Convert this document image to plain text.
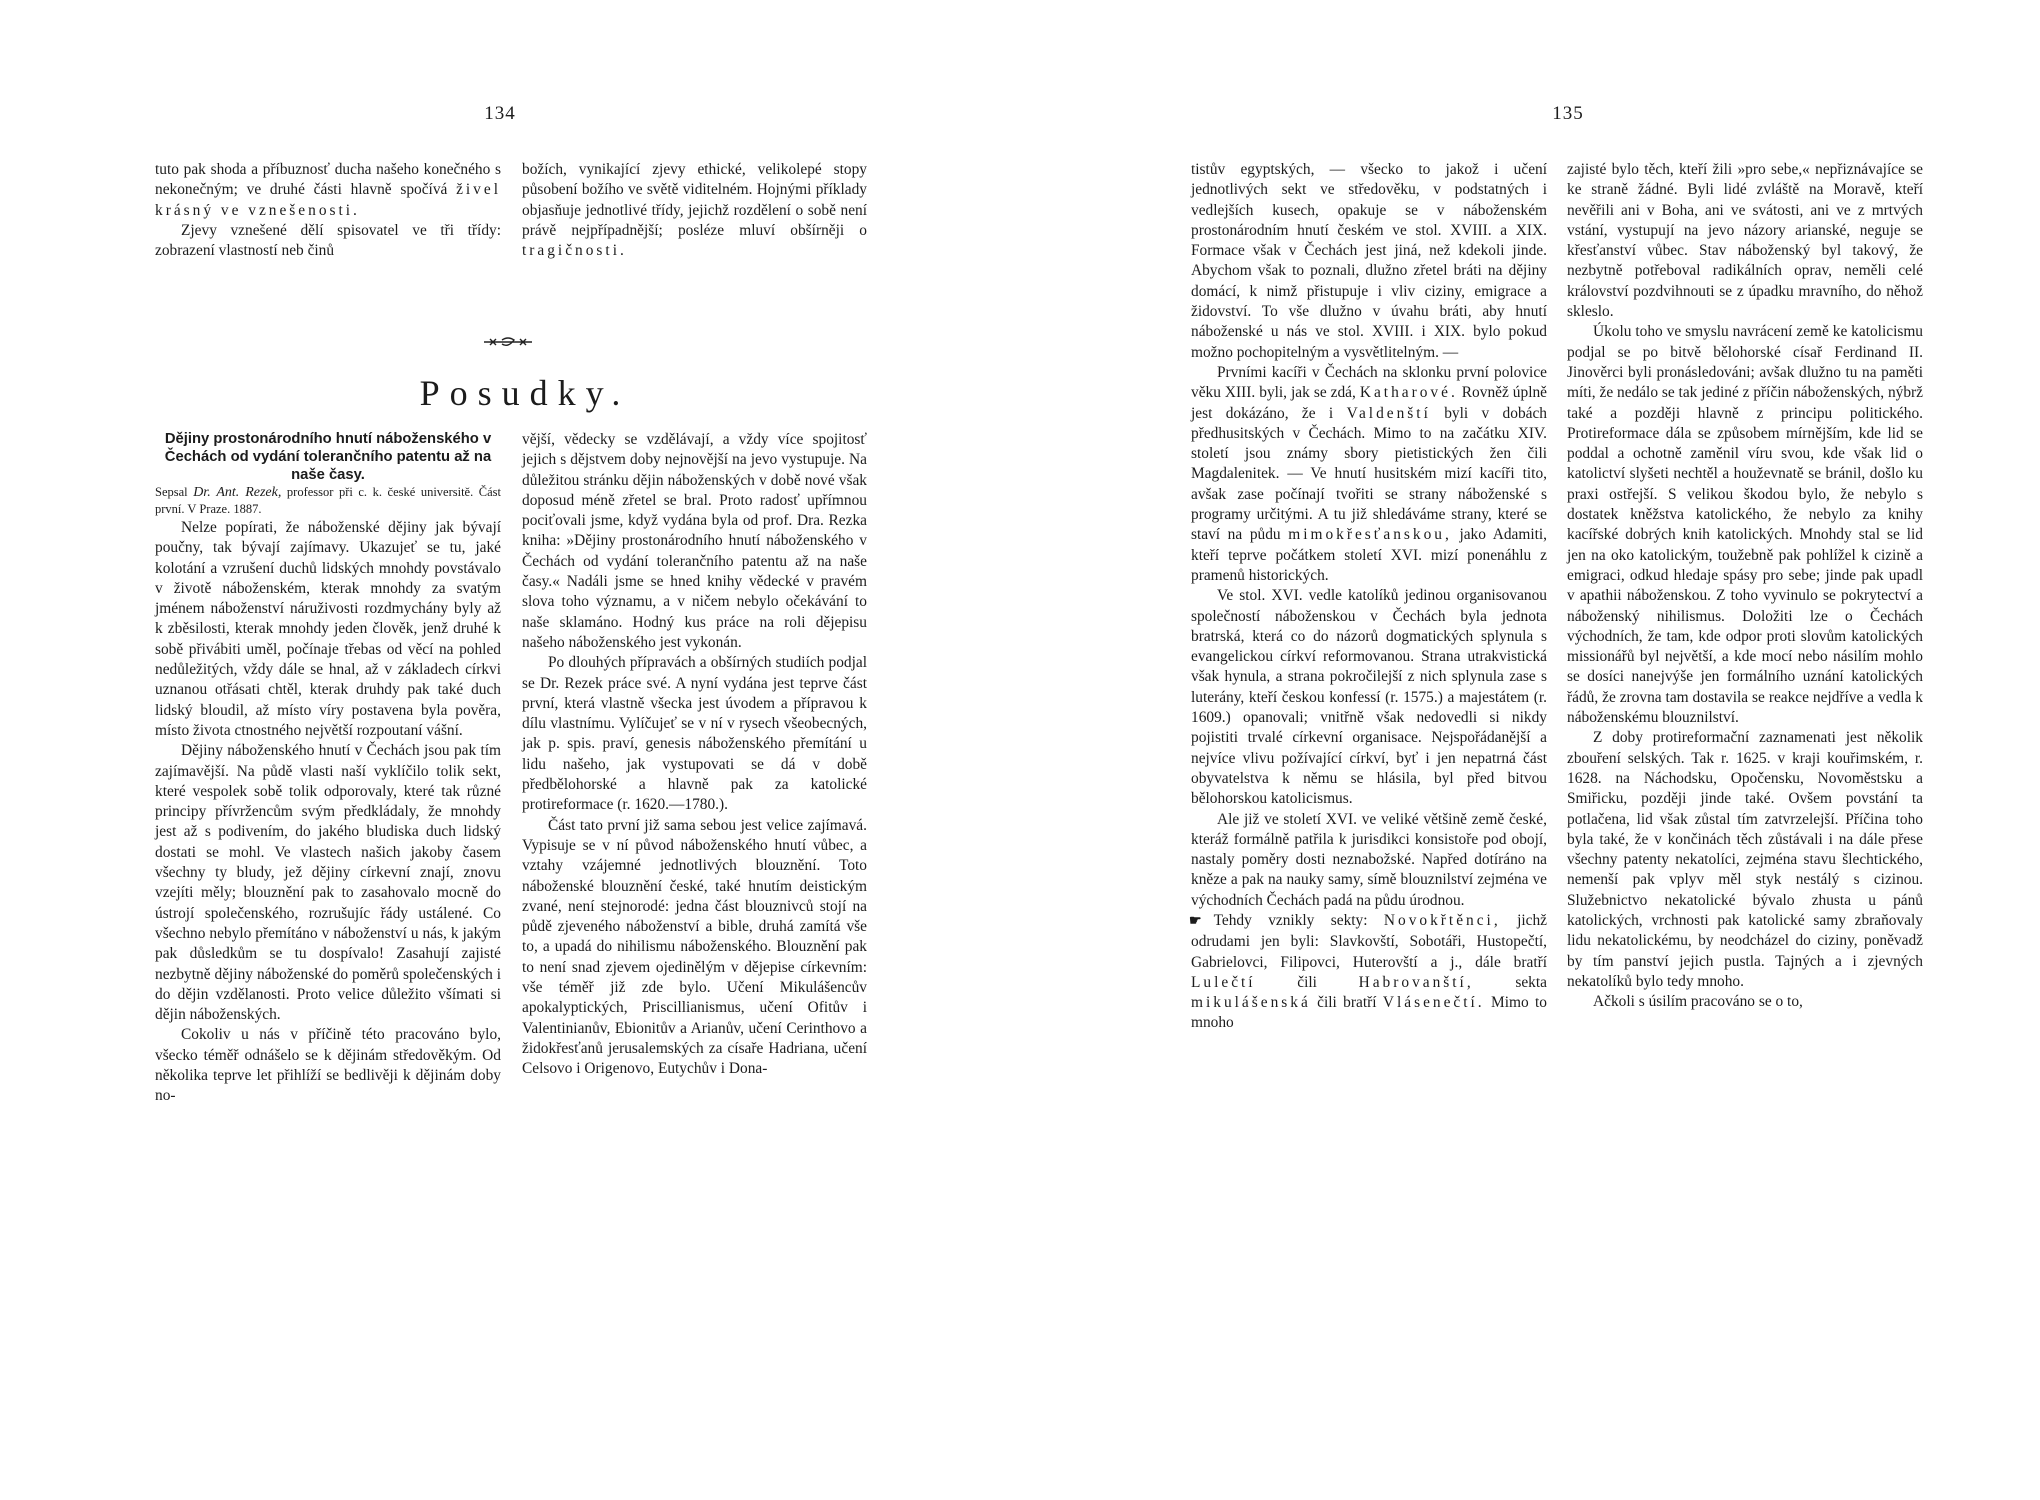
134

tuto pak shoda a příbuznosť ducha našeho konečného s nekonečným; ve druhé části hlavně spočívá živel krásný ve vznešenosti.

Zjevy vznešené dělí spisovatel ve tři třídy: zobrazení vlastností neb činů

božích, vynikající zjevy ethické, velikolepé stopy působení božího ve světě viditelném. Hojnými příklady objasňuje jednotlivé třídy, jejichž rozdělení o sobě není právě nejpřípadnější; posléze mluví obšírněji o tragičnosti.

Posudky.

Dějiny prostonárodního hnutí náboženského v Čechách od vydání tolerančního patentu až na naše časy.

Sepsal Dr. Ant. Rezek, professor při c. k. české universitě. Část první. V Praze. 1887.

Nelze popírati, že náboženské dějiny jak bývají poučny, tak bývají zajímavy. Ukazujeť se tu, jaké kolotání a vzrušení duchů lidských mnohdy povstávalo v životě náboženském, kterak mnohdy za svatým jménem náboženství náruživosti rozdmychány byly až k zběsilosti, kterak mnohdy jeden člověk, jenž druhé k sobě přivábiti uměl, počínaje třebas od věcí na pohled nedůležitých, vždy dále se hnal, až v základech církvi uznanou otřásati chtěl, kterak druhdy pak také duch lidský bloudil, až místo víry postavena byla pověra, místo života ctnostného největší rozpoutaní vášní.

Dějiny náboženského hnutí v Čechách jsou pak tím zajímavější. Na půdě vlasti naší vyklíčilo tolik sekt, které vespolek sobě tolik odporovaly, které tak různé principy přívržencům svým předkládaly, že mnohdy jest až s podivením, do jakého bludiska duch lidský dostati se mohl. Ve vlastech našich jakoby časem všechny ty bludy, jež dějiny církevní znají, znovu vzejíti měly; blouznění pak to zasahovalo mocně do ústrojí společenského, rozrušujíc řády ustálené. Co všechno nebylo přemítáno v náboženství u nás, k jakým pak důsledkům se tu dospívalo! Zasahují zajisté nezbytně dějiny náboženské do poměrů společenských i do dějin vzdělanosti. Proto velice důležito všímati si dějin náboženských.

Cokoliv u nás v příčině této pracováno bylo, všecko téměř odnášelo se k dějinám středověkým. Od několika teprve let přihlíží se bedlivěji k dějinám doby no-

vější, vědecky se vzdělávají, a vždy více spojitosť jejich s dějstvem doby nejnovější na jevo vystupuje. Na důležitou stránku dějin náboženských v době nové však doposud méně zřetel se bral. Proto radosť upřímnou pociťovali jsme, když vydána byla od prof. Dra. Rezka kniha: »Dějiny prostonárodního hnutí náboženského v Čechách od vydání tolerančního patentu až na naše časy.« Nadáli jsme se hned knihy vědecké v pravém slova toho významu, a v ničem nebylo očekávání to naše sklamáno. Hodný kus práce na roli dějepisu našeho náboženského jest vykonán.

Po dlouhých přípravách a obšírných studiích podjal se Dr. Rezek práce své. A nyní vydána jest teprve část první, která vlastně všecka jest úvodem a přípravou k dílu vlastnímu. Vylíčujeť se v ní v rysech všeobecných, jak p. spis. praví, genesis náboženského přemítání u lidu našeho, jak vystupovati se dá v době předbělohorské a hlavně pak za katolické protireformace (r. 1620.—1780.).

Část tato první již sama sebou jest velice zajímavá. Vypisuje se v ní původ náboženského hnutí vůbec, a vztahy vzájemné jednotlivých blouznění. Toto náboženské blouznění české, také hnutím deistickým zvané, není stejnorodé: jedna část blouznivců stojí na půdě zjeveného náboženství a bible, druhá zamítá vše to, a upadá do nihilismu náboženského. Blouznění pak to není snad zjevem ojedinělým v dějepise církevním: vše téměř již zde bylo. Učení Mikulášencův apokalyptických, Priscillianismus, učení Ofitův i Valentinianův, Ebionitův a Arianův, učení Cerinthovo a židokřesťanů jerusalemských za císaře Hadriana, učení Celsovo i Origenovo, Eutychův i Dona-

135

tistův egyptských, — všecko to jakož i učení jednotlivých sekt ve středověku, v podstatných i vedlejších kusech, opakuje se v náboženském prostonárodním hnutí českém ve stol. XVIII. a XIX. Formace však v Čechách jest jiná, než kdekoli jinde. Abychom však to poznali, dlužno zřetel bráti na dějiny domácí, k nimž přistupuje i vliv ciziny, emigrace a židovství. To vše dlužno v úvahu bráti, aby hnutí náboženské u nás ve stol. XVIII. i XIX. bylo pokud možno pochopitelným a vysvětlitelným. —

Prvními kacíři v Čechách na sklonku první polovice věku XIII. byli, jak se zdá, Katharové. Rovněž úplně jest dokázáno, že i Valdenští byli v dobách předhusitských v Čechách. Mimo to na začátku XIV. století jsou známy sbory pietistických žen čili Magdalenitek. — Ve hnutí husitském mizí kacíři tito, avšak zase počínají tvořiti se strany náboženské s programy určitými. A tu již shledáváme strany, které se staví na půdu mimokřesťanskou, jako Adamiti, kteří teprve počátkem století XVI. mizí ponenáhlu z pramenů historických.

Ve stol. XVI. vedle katolíků jedinou organisovanou společností náboženskou v Čechách byla jednota bratrská, která co do názorů dogmatických splynula s evangelickou církví reformovanou. Strana utrakvistická však hynula, a strana pokročilejší z nich splynula zase s luterány, kteří českou konfessí (r. 1575.) a majestátem (r. 1609.) opanovali; vnitřně však nedovedli si nikdy pojistiti trvalé církevní organisace. Nejspořádanější a nejvíce vlivu požívající církví, byť i jen nepatrná část obyvatelstva k němu se hlásila, byl před bitvou bělohorskou katolicismus.

Ale již ve století XVI. ve veliké většině země české, kteráž formálně patřila k jurisdikci konsistoře pod obojí, nastaly poměry dosti neznabožské. Napřed dotíráno na kněze a pak na nauky samy, símě blouznilství zejména ve východních Čechách padá na půdu úrodnou.

☛ Tehdy vznikly sekty: Novokřtěnci, jichž odrudami jen byli: Slavkovští, Sobotáři, Hustopečtí, Gabrielovci, Filipovci, Huterovští a j., dále bratří Lulečtí čili Habrovanští, sekta mikulášenská čili bratří Vlásenečtí. Mimo to mnoho

zajisté bylo těch, kteří žili »pro sebe,« nepřiznávajíce se ke straně žádné. Byli lidé zvláště na Moravě, kteří nevěřili ani v Boha, ani ve svátosti, ani ve z mrtvých vstání, vystupují na jevo názory arianské, neguje se křesťanství vůbec. Stav náboženský byl takový, že nezbytně potřeboval radikálních oprav, neměli celé království pozdvihnouti se z úpadku mravního, do něhož skleslo.

Úkolu toho ve smyslu navrácení země ke katolicismu podjal se po bitvě bělohorské císař Ferdinand II. Jinověrci byli pronásledováni; avšak dlužno tu na paměti míti, že nedálo se tak jediné z příčin náboženských, nýbrž také a později hlavně z principu politického. Protireformace dála se způsobem mírnějším, kde lid se poddal a ochotně zaměnil víru svou, kde však lid o katolictví slyšeti nechtěl a houževnatě se bránil, došlo ku praxi ostřejší. S velikou škodou bylo, že nebylo s dostatek kněžstva katolického, že nebylo za knihy kacířské dobrých knih katolických. Mnohdy stal se lid jen na oko katolickým, toužebně pak pohlížel k cizině a emigraci, odkud hledaje spásy pro sebe; jinde pak upadl v apathii náboženskou. Z toho vyvinulo se pokrytectví a náboženský nihilismus. Doložiti lze o Čechách východních, že tam, kde odpor proti slovům katolických missionářů byl největší, a kde mocí nebo násilím mohlo se dosíci nanejvýše jen formálního uznání katolických řádů, že zrovna tam dostavila se reakce nejdříve a vedla k náboženskému blouznilství.

Z doby protireformační zaznamenati jest několik zbouření selských. Tak r. 1625. v kraji kouřimském, r. 1628. na Náchodsku, Opočensku, Novoměstsku a Smiřicku, později jinde také. Ovšem povstání ta potlačena, lid však zůstal tím zatvrzelejší. Příčina toho byla také, že v končinách těch zůstávali i na dále přese všechny patenty nekatolíci, zejména stavu šlechtického, nemenší pak vplyv měl styk nestálý s cizinou. Služebnictvo nekatolické bývalo zhusta u pánů katolických, vrchnosti pak katolické samy zbraňovaly lidu nekatolickému, by neodcházel do ciziny, poněvadž by tím panství jejich pustla. Tajných a i zjevných nekatolíků bylo tedy mnoho.

Ačkoli s úsilím pracováno se o to,
